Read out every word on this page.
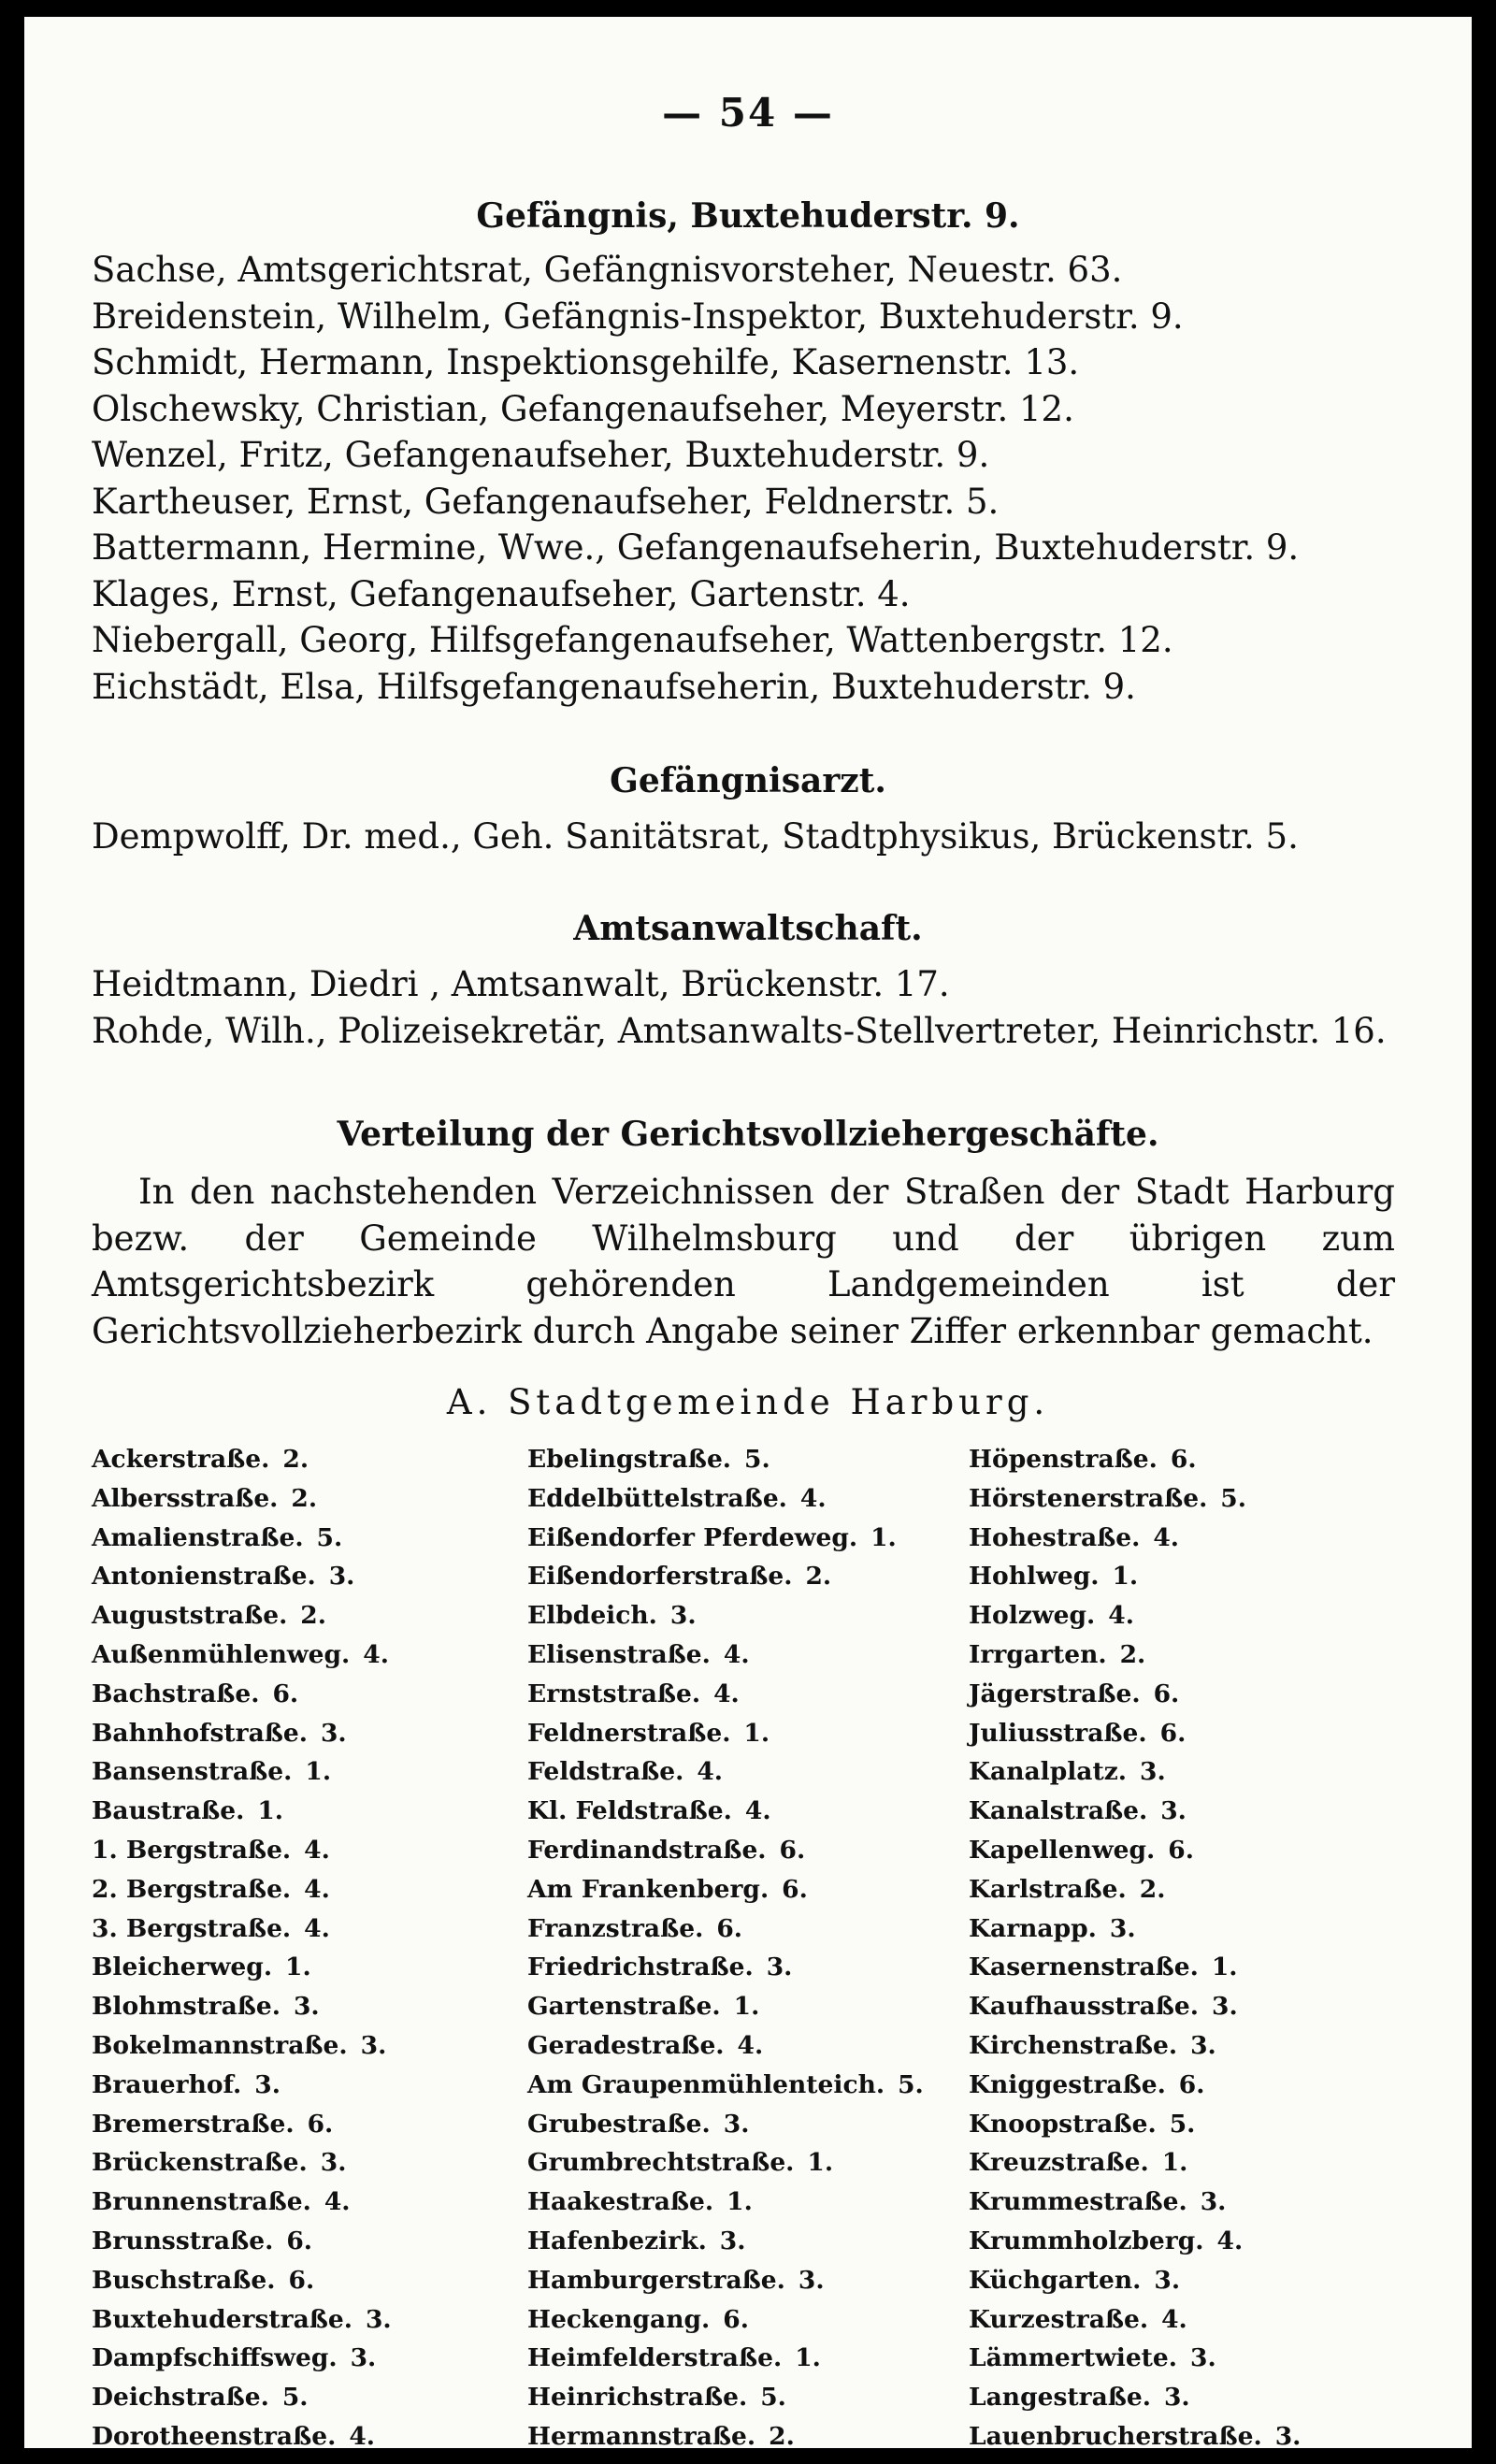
— 54 —

Gefängnis, Buxtehuderstr. 9.

Sachse, Amtsgerichtsrat, Gefängnisvorsteher, Neuestr. 63.

Breidenstein, Wilhelm, Gefängnis-Inspektor, Buxtehuderstr. 9.

Schmidt, Hermann, Inspektionsgehilfe, Kasernenstr. 13.

Olschewsky, Christian, Gefangenaufseher, Meyerstr. 12.

Wenzel, Fritz, Gefangenaufseher, Buxtehuderstr. 9.

Kartheuser, Ernst, Gefangenaufseher, Feldnerstr. 5.

Battermann, Hermine, Wwe., Gefangenaufseherin, Buxtehuderstr. 9.

Klages, Ernst, Gefangenaufseher, Gartenstr. 4.

Niebergall, Georg, Hilfsgefangenaufseher, Wattenbergstr. 12.

Eichstädt, Elsa, Hilfsgefangenaufseherin, Buxtehuderstr. 9.

Gefängnisarzt.

Dempwolff, Dr. med., Geh. Sanitätsrat, Stadtphysikus, Brückenstr. 5.

Amtsanwaltschaft.

Heidtmann, Diedri , Amtsanwalt, Brückenstr. 17.

Rohde, Wilh., Polizeisekretär, Amtsanwalts-Stellvertreter, Heinrichstr. 16.

Verteilung der Gerichtsvollziehergeschäfte.

In den nachstehenden Verzeichnissen der Straßen der Stadt Harburg bezw. der Gemeinde Wilhelmsburg und der übrigen zum Amtsgerichtsbezirk gehörenden Landgemeinden ist der Gerichtsvollzieherbezirk durch Angabe seiner Ziffer erkennbar gemacht.

A. Stadtgemeinde Harburg.
Ackerstraße. 2.
Albersstraße. 2.
Amalienstraße. 5.
Antonienstraße. 3.
Auguststraße. 2.
Außenmühlenweg. 4.
Bachstraße. 6.
Bahnhofstraße. 3.
Bansenstraße. 1.
Baustraße. 1.
1. Bergstraße. 4.
2. Bergstraße. 4.
3. Bergstraße. 4.
Bleicherweg. 1.
Blohmstraße. 3.
Bokelmannstraße. 3.
Brauerhof. 3.
Bremerstraße. 6.
Brückenstraße. 3.
Brunnenstraße. 4.
Brunsstraße. 6.
Buschstraße. 6.
Buxtehuderstraße. 3.
Dampfschiffsweg. 3.
Deichstraße. 5.
Dorotheenstraße. 4.
Ebelingstraße. 5.
Eddelbüttelstraße. 4.
Eißendorfer Pferdeweg. 1.
Eißendorferstraße. 2.
Elbdeich. 3.
Elisenstraße. 4.
Ernststraße. 4.
Feldnerstraße. 1.
Feldstraße. 4.
Kl. Feldstraße. 4.
Ferdinandstraße. 6.
Am Frankenberg. 6.
Franzstraße. 6.
Friedrichstraße. 3.
Gartenstraße. 1.
Geradestraße. 4.
Am Graupenmühlenteich. 5.
Grubestraße. 3.
Grumbrechtstraße. 1.
Haakestraße. 1.
Hafenbezirk. 3.
Hamburgerstraße. 3.
Heckengang. 6.
Heimfelderstraße. 1.
Heinrichstraße. 5.
Hermannstraße. 2.
Höpenstraße. 6.
Hörstenerstraße. 5.
Hohestraße. 4.
Hohlweg. 1.
Holzweg. 4.
Irrgarten. 2.
Jägerstraße. 6.
Juliusstraße. 6.
Kanalplatz. 3.
Kanalstraße. 3.
Kapellenweg. 6.
Karlstraße. 2.
Karnapp. 3.
Kasernenstraße. 1.
Kaufhausstraße. 3.
Kirchenstraße. 3.
Kniggestraße. 6.
Knoopstraße. 5.
Kreuzstraße. 1.
Krummestraße. 3.
Krummholzberg. 4.
Küchgarten. 3.
Kurzestraße. 4.
Lämmertwiete. 3.
Langestraße. 3.
Lauenbrucherstraße. 3.
